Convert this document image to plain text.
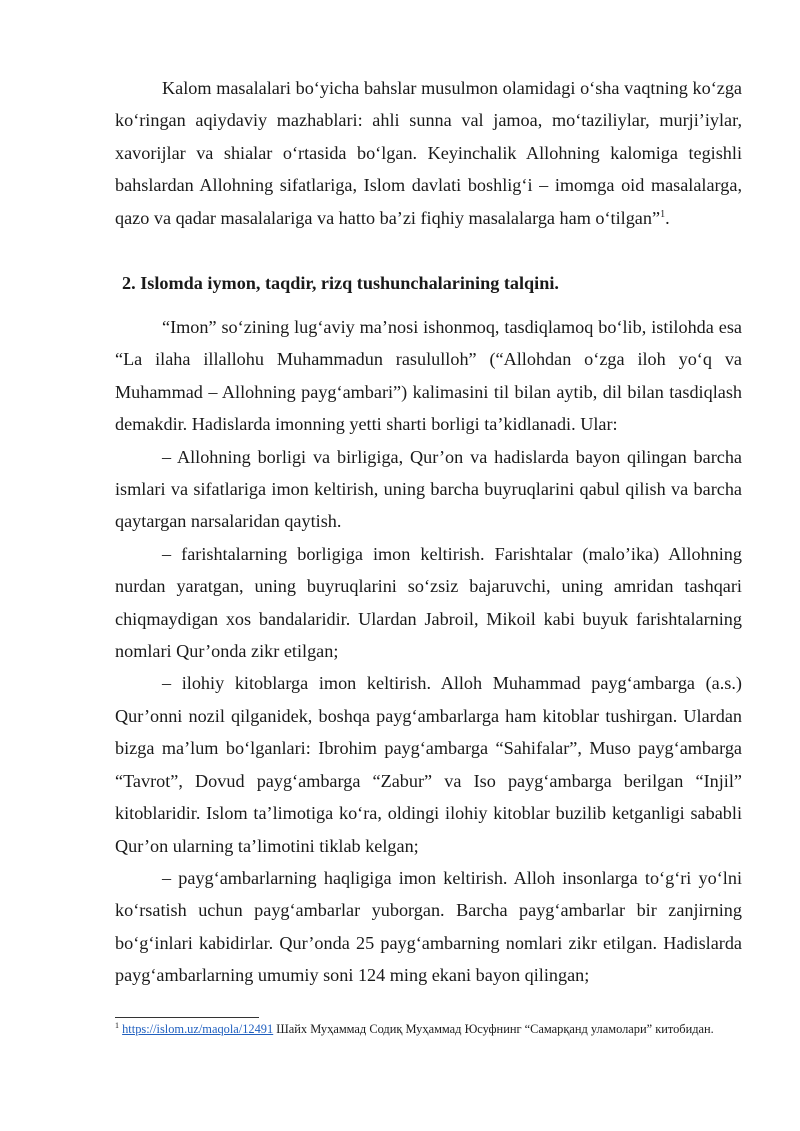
Kalom masalalari bo‘yicha bahslar musulmon olamidagi o‘sha vaqtning ko‘zga ko‘ringan aqiydaviy mazhablari: ahli sunna val jamoa, mo‘taziliylar, murji’iylar, xavorijlar va shialar o‘rtasida bo‘lgan. Keyinchalik Allohning kalomiga tegishli bahslardan Allohning sifatlariga, Islom davlati boshlig‘i – imomga oid masalalarga, qazo va qadar masalalariga va hatto ba’zi fiqhiy masalalarga ham o‘tilgan”$^1$.

2. Islomda iymon, taqdir, rizq tushunchalarining talqini.

“Imon” so‘zining lug‘aviy ma’nosi ishonmoq, tasdiqlamoq bo‘lib, istilohda esa “La ilaha illallohu Muhammadun rasululloh” (“Allohdan o‘zga iloh yo‘q va Muhammad – Allohning payg‘ambari”) kalimasini til bilan aytib, dil bilan tasdiqlash demakdir. Hadislarda imonning yetti sharti borligi ta’kidlanadi. Ular:

– Allohning borligi va birligiga, Qur’on va hadislarda bayon qilingan barcha ismlari va sifatlariga imon keltirish, uning barcha buyruqlarini qabul qilish va barcha qaytargan narsalaridan qaytish.

– farishtalarning borligiga imon keltirish. Farishtalar (malo’ika) Allohning nurdan yaratgan, uning buyruqlarini so‘zsiz bajaruvchi, uning amridan tashqari chiqmaydigan xos bandalaridir. Ulardan Jabroil, Mikoil kabi buyuk farishtalarning nomlari Qur’onda zikr etilgan;

– ilohiy kitoblarga imon keltirish. Alloh Muhammad payg‘ambarga (a.s.) Qur’onni nozil qilganidek, boshqa payg‘ambarlarga ham kitoblar tushirgan. Ulardan bizga ma’lum bo‘lganlari: Ibrohim payg‘ambarga “Sahifalar”, Muso payg‘ambarga “Tavrot”, Dovud payg‘ambarga “Zabur” va Iso payg‘ambarga berilgan “Injil” kitoblaridir. Islom ta’limotiga ko‘ra, oldingi ilohiy kitoblar buzilib ketganligi sababli Qur’on ularning ta’limotini tiklab kelgan;

– payg‘ambarlarning haqligiga imon keltirish. Alloh insonlarga to‘g‘ri yo‘lni ko‘rsatish uchun payg‘ambarlar yuborgan. Barcha payg‘ambarlar bir zanjirning bo‘g‘inlari kabidirlar. Qur’onda 25 payg‘ambarning nomlari zikr etilgan. Hadislarda payg‘ambarlarning umumiy soni 124 ming ekani bayon qilingan;

$^1$ https://islom.uz/maqola/12491 Шайх Муҳаммад Содиқ Муҳаммад Юсуфнинг “Самарқанд уламолари” китобидан.
